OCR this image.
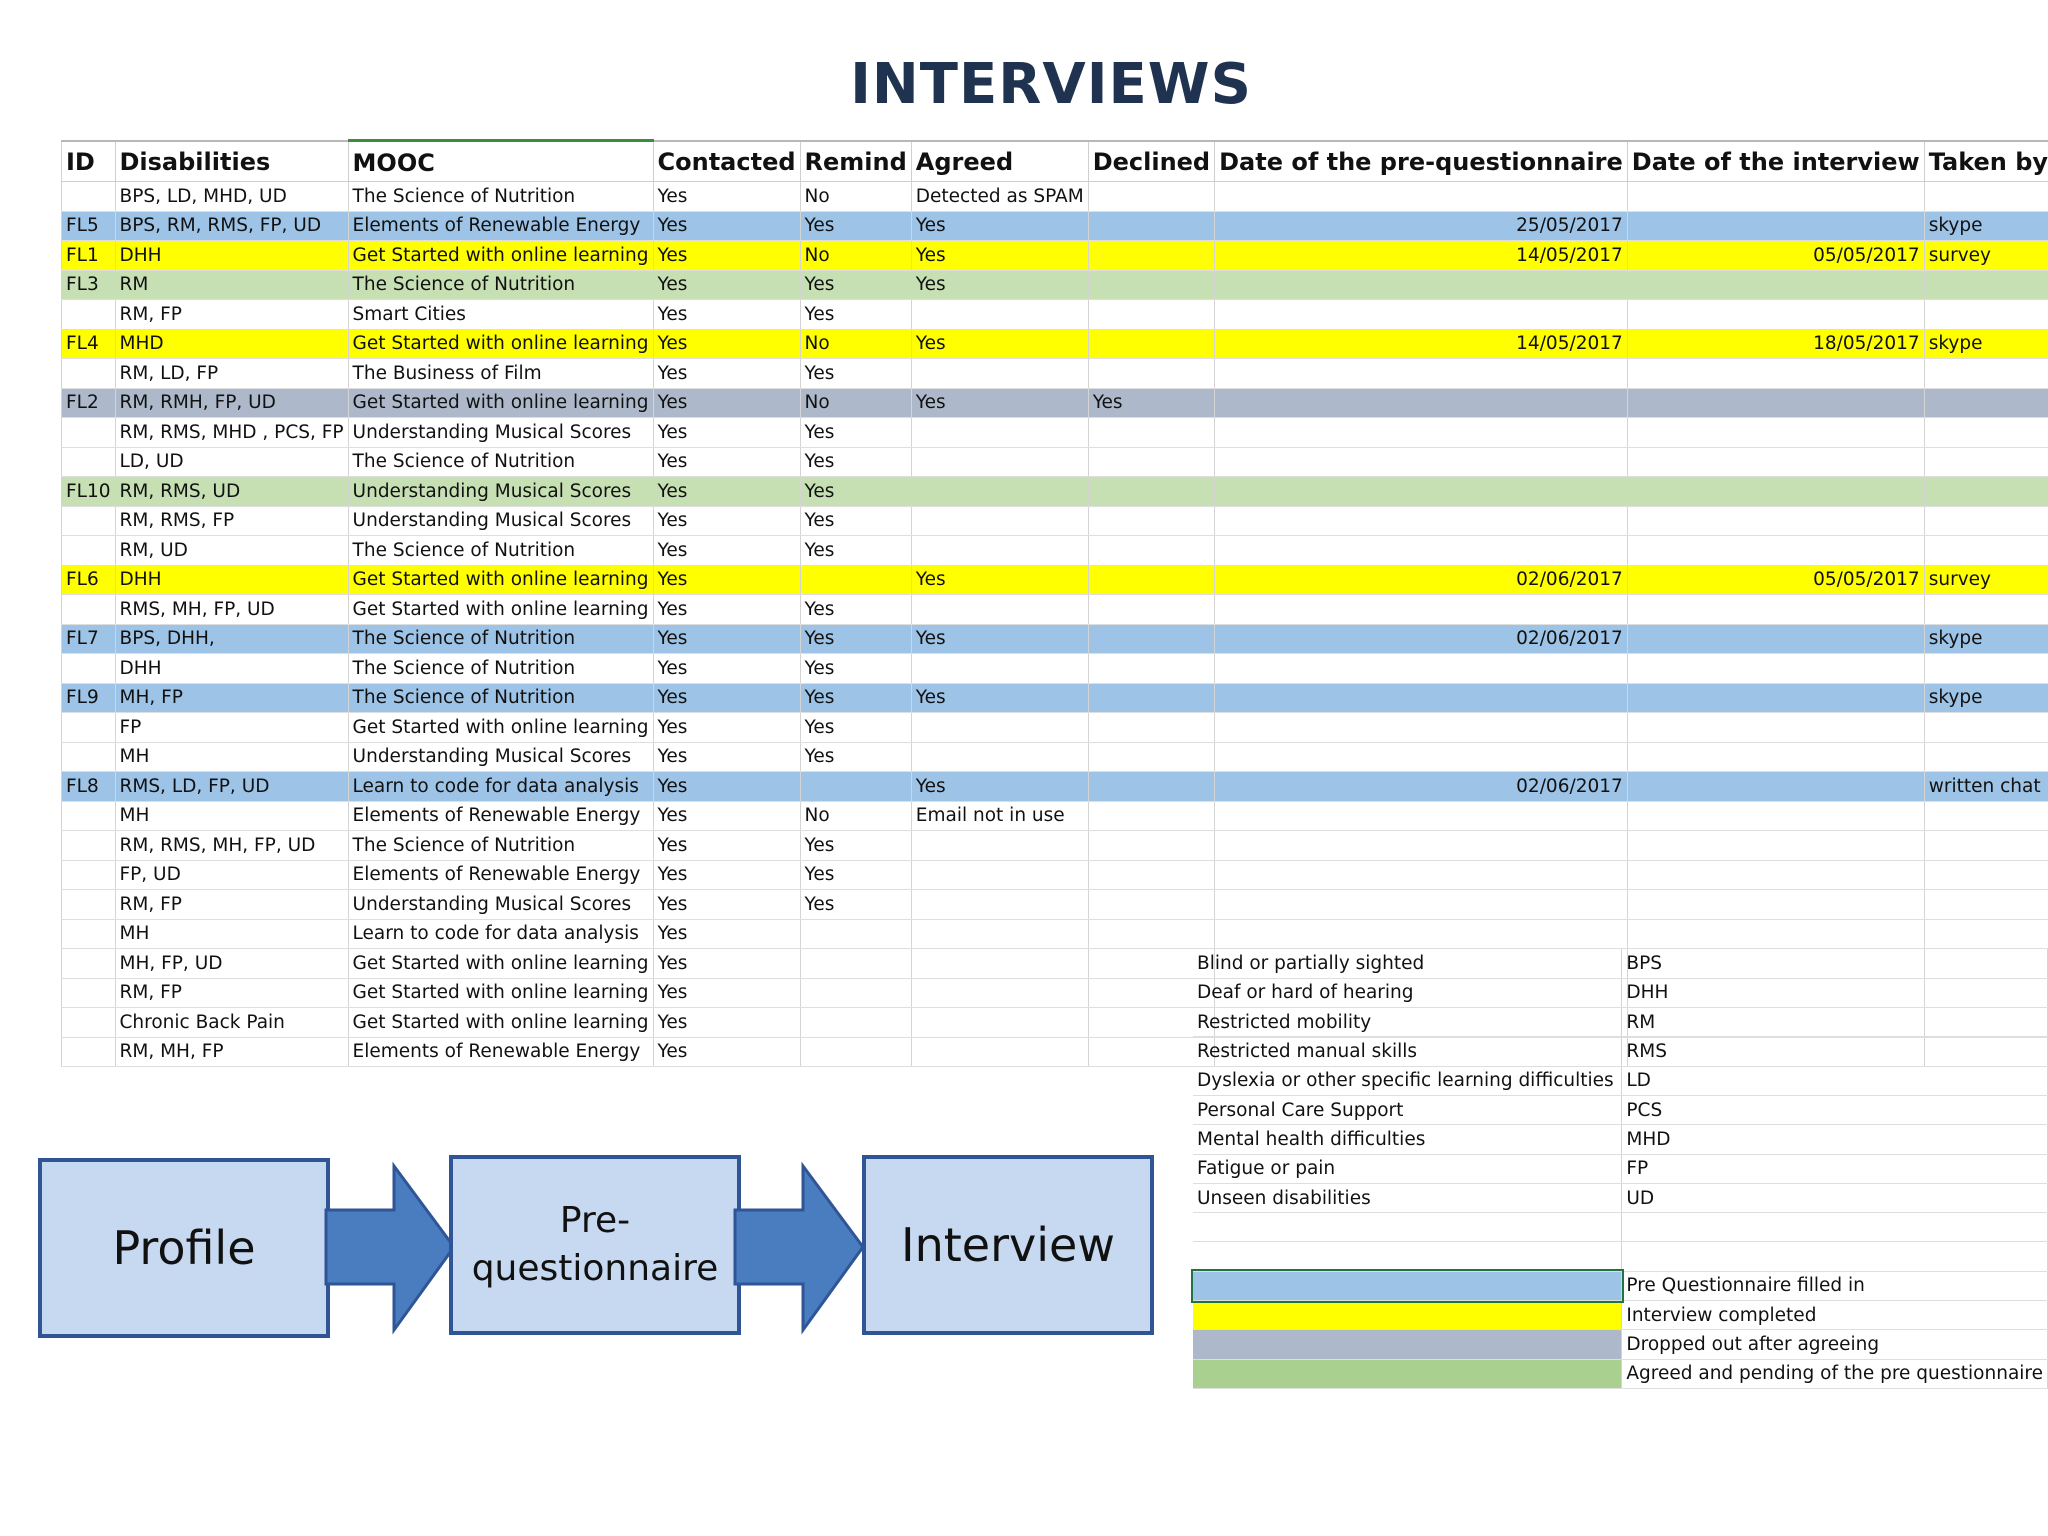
INTERVIEWS
ID	Disabilities	MOOC	Contacted	Remind	Agreed	Declined	Date of the pre-questionnaire	Date of the interview	Taken by
	BPS, LD, MHD, UD	The Science of Nutrition	Yes	No	Detected as SPAM				
FL5	BPS, RM, RMS, FP, UD	Elements of Renewable Energy	Yes	Yes	Yes		25/05/2017		skype
FL1	DHH	Get Started with online learning	Yes	No	Yes		14/05/2017	05/05/2017	survey
FL3	RM	The Science of Nutrition	Yes	Yes	Yes				
	RM, FP	Smart Cities	Yes	Yes					
FL4	MHD	Get Started with online learning	Yes	No	Yes		14/05/2017	18/05/2017	skype
	RM, LD, FP	The Business of Film	Yes	Yes					
FL2	RM, RMH, FP, UD	Get Started with online learning	Yes	No	Yes	Yes			
	RM, RMS, MHD , PCS, FP	Understanding Musical Scores	Yes	Yes					
	LD, UD	The Science of Nutrition	Yes	Yes					
FL10	RM, RMS, UD	Understanding Musical Scores	Yes	Yes					
	RM, RMS, FP	Understanding Musical Scores	Yes	Yes					
	RM, UD	The Science of Nutrition	Yes	Yes					
FL6	DHH	Get Started with online learning	Yes		Yes		02/06/2017	05/05/2017	survey
	RMS, MH, FP, UD	Get Started with online learning	Yes	Yes					
FL7	BPS, DHH,	The Science of Nutrition	Yes	Yes	Yes		02/06/2017		skype
	DHH	The Science of Nutrition	Yes	Yes					
FL9	MH, FP	The Science of Nutrition	Yes	Yes	Yes				skype
	FP	Get Started with online learning	Yes	Yes					
	MH	Understanding Musical Scores	Yes	Yes					
FL8	RMS, LD, FP, UD	Learn to code for data analysis	Yes		Yes		02/06/2017		written chat
	MH	Elements of Renewable Energy	Yes	No	Email not in use				
	RM, RMS, MH, FP, UD	The Science of Nutrition	Yes	Yes					
	FP, UD	Elements of Renewable Energy	Yes	Yes					
	RM, FP	Understanding Musical Scores	Yes	Yes					
	MH	Learn to code for data analysis	Yes						
	MH, FP, UD	Get Started with online learning	Yes						
	RM, FP	Get Started with online learning	Yes						
	Chronic Back Pain	Get Started with online learning	Yes						
	RM, MH, FP	Elements of Renewable Energy	Yes						
Blind or partially sighted	BPS
Deaf or hard of hearing	DHH
Restricted mobility	RM
Restricted manual skills	RMS
Dyslexia or other specific learning difficulties	LD
Personal Care Support	PCS
Mental health difficulties	MHD
Fatigue or pain	FP
Unseen disabilities	UD

	Pre Questionnaire filled in
	Interview completed
	Dropped out after agreeing
	Agreed and pending of the pre questionnaire
Profile
Pre-
questionnaire	Interview
